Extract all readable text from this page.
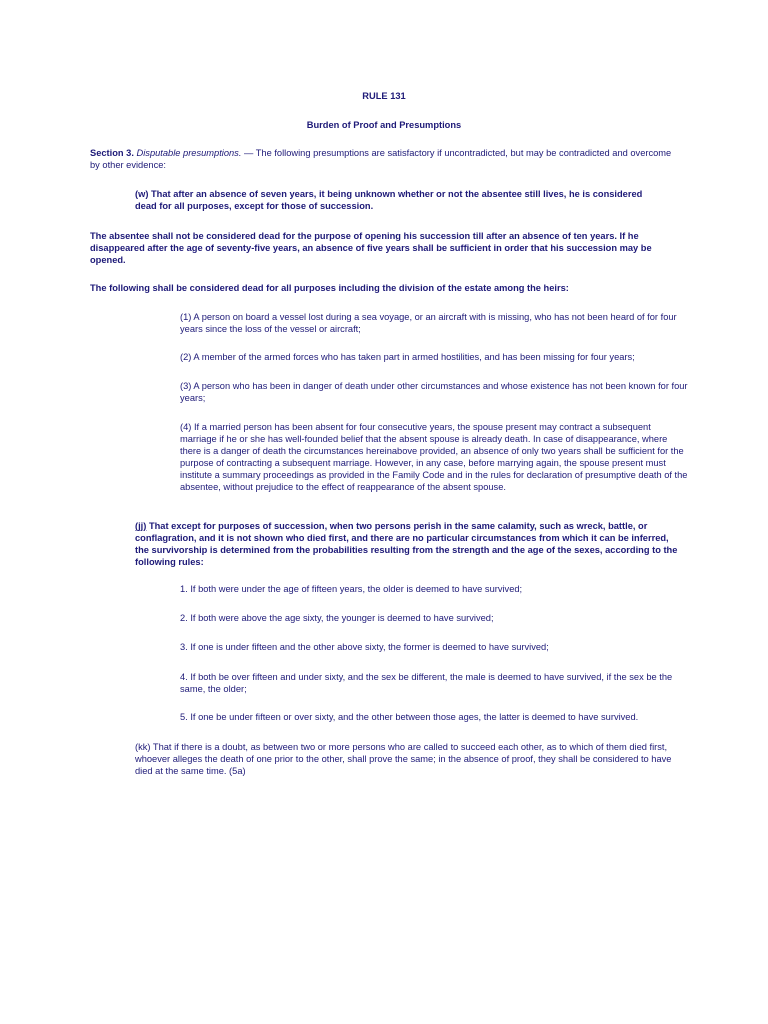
RULE 131
Burden of Proof and Presumptions

Section 3. Disputable presumptions. — The following presumptions are satisfactory if uncontradicted, but may be contradicted and overcome by other evidence:

(w) That after an absence of seven years, it being unknown whether or not the absentee still lives, he is considered dead for all purposes, except for those of succession.

The absentee shall not be considered dead for the purpose of opening his succession till after an absence of ten years. If he disappeared after the age of seventy-five years, an absence of five years shall be sufficient in order that his succession may be opened.

The following shall be considered dead for all purposes including the division of the estate among the heirs:

(1) A person on board a vessel lost during a sea voyage, or an aircraft with is missing, who has not been heard of for four years since the loss of the vessel or aircraft;

(2) A member of the armed forces who has taken part in armed hostilities, and has been missing for four years;

(3) A person who has been in danger of death under other circumstances and whose existence has not been known for four years;

(4) If a married person has been absent for four consecutive years, the spouse present may contract a subsequent marriage if he or she has well-founded belief that the absent spouse is already death. In case of disappearance, where there is a danger of death the circumstances hereinabove provided, an absence of only two years shall be sufficient for the purpose of contracting a subsequent marriage. However, in any case, before marrying again, the spouse present must institute a summary proceedings as provided in the Family Code and in the rules for declaration of presumptive death of the absentee, without prejudice to the effect of reappearance of the absent spouse.

(jj) That except for purposes of succession, when two persons perish in the same calamity, such as wreck, battle, or conflagration, and it is not shown who died first, and there are no particular circumstances from which it can be inferred, the survivorship is determined from the probabilities resulting from the strength and the age of the sexes, according to the following rules:

1. If both were under the age of fifteen years, the older is deemed to have survived;

2. If both were above the age sixty, the younger is deemed to have survived;

3. If one is under fifteen and the other above sixty, the former is deemed to have survived;

4. If both be over fifteen and under sixty, and the sex be different, the male is deemed to have survived, if the sex be the same, the older;

5. If one be under fifteen or over sixty, and the other between those ages, the latter is deemed to have survived.

(kk) That if there is a doubt, as between two or more persons who are called to succeed each other, as to which of them died first, whoever alleges the death of one prior to the other, shall prove the same; in the absence of proof, they shall be considered to have died at the same time. (5a)
